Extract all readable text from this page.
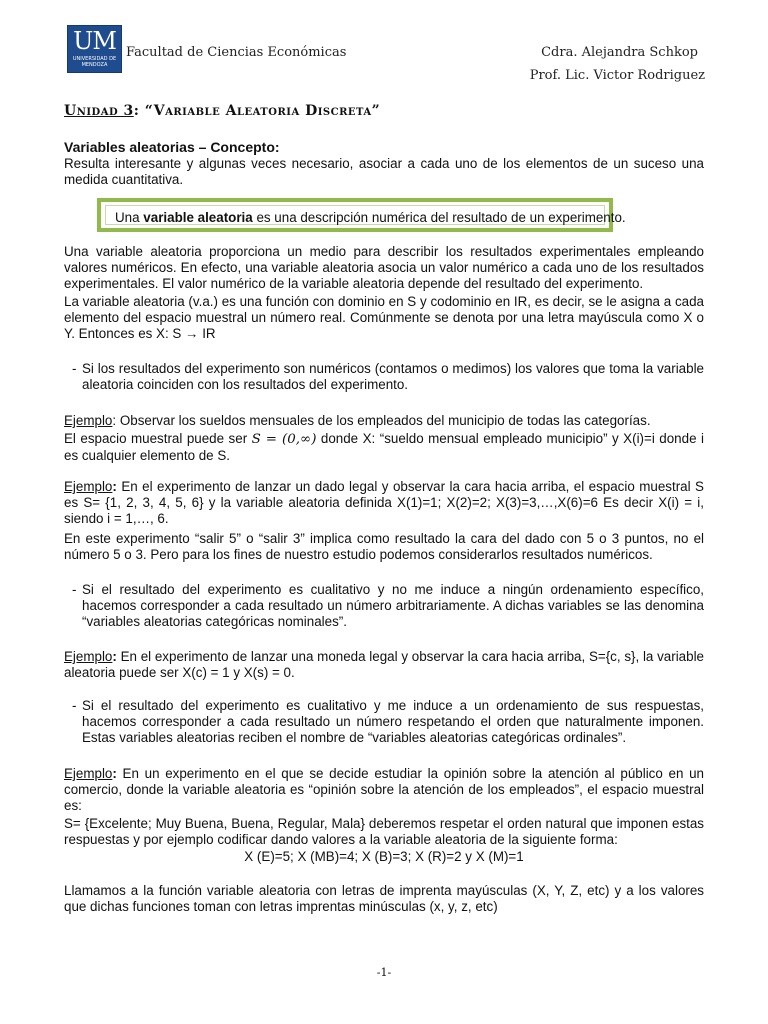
UM
UNIVERSIDAD DE MENDOZA
Facultad de Ciencias Económicas	Cdra. Alejandra Schkop
Prof. Lic. Victor Rodriguez
Unidad 3: “Variable Aleatoria Discreta”
Variables aleatorias – Concepto:
Resulta interesante y algunas veces necesario, asociar a cada uno de los elementos de un suceso una medida cuantitativa.
Una variable aleatoria es una descripción numérica del resultado de un experimento.
Una variable aleatoria proporciona un medio para describir los resultados experimentales empleando valores numéricos. En efecto, una variable aleatoria asocia un valor numérico a cada uno de los resultados experimentales. El valor numérico de la variable aleatoria depende del resultado del experimento.
La variable aleatoria (v.a.) es una función con dominio en S y codominio en IR, es decir, se le asigna a cada elemento del espacio muestral un número real. Comúnmente se denota por una letra mayúscula como X o Y. Entonces es X: S → IR
- Si los resultados del experimento son numéricos (contamos o medimos) los valores que toma la variable aleatoria coinciden con los resultados del experimento.
Ejemplo: Observar los sueldos mensuales de los empleados del municipio de todas las categorías.
El espacio muestral puede ser S = (0,∞) donde X: “sueldo mensual empleado municipio” y X(i)=i donde i es cualquier elemento de S.
Ejemplo: En el experimento de lanzar un dado legal y observar la cara hacia arriba, el espacio muestral S es S= {1, 2, 3, 4, 5, 6} y la variable aleatoria definida X(1)=1; X(2)=2; X(3)=3,…,X(6)=6 Es decir X(i) = i, siendo i = 1,…, 6.
En este experimento “salir 5” o “salir 3” implica como resultado la cara del dado con 5 o 3 puntos, no el número 5 o 3. Pero para los fines de nuestro estudio podemos considerarlos resultados numéricos.
- Si el resultado del experimento es cualitativo y no me induce a ningún ordenamiento específico, hacemos corresponder a cada resultado un número arbitrariamente. A dichas variables se las denomina “variables aleatorias categóricas nominales”.
Ejemplo: En el experimento de lanzar una moneda legal y observar la cara hacia arriba, S={c, s}, la variable aleatoria puede ser X(c) = 1 y X(s) = 0.
- Si el resultado del experimento es cualitativo y me induce a un ordenamiento de sus respuestas, hacemos corresponder a cada resultado un número respetando el orden que naturalmente imponen. Estas variables aleatorias reciben el nombre de “variables aleatorias categóricas ordinales”.
Ejemplo: En un experimento en el que se decide estudiar la opinión sobre la atención al público en un comercio, donde la variable aleatoria es “opinión sobre la atención de los empleados”, el espacio muestral es:
S= {Excelente; Muy Buena, Buena, Regular, Mala} deberemos respetar el orden natural que imponen estas respuestas y por ejemplo codificar dando valores a la variable aleatoria de la siguiente forma:
X (E)=5; X (MB)=4; X (B)=3; X (R)=2 y X (M)=1
Llamamos a la función variable aleatoria con letras de imprenta mayúsculas (X, Y, Z, etc) y a los valores que dichas funciones toman con letras imprentas minúsculas (x, y, z, etc)
-1-
